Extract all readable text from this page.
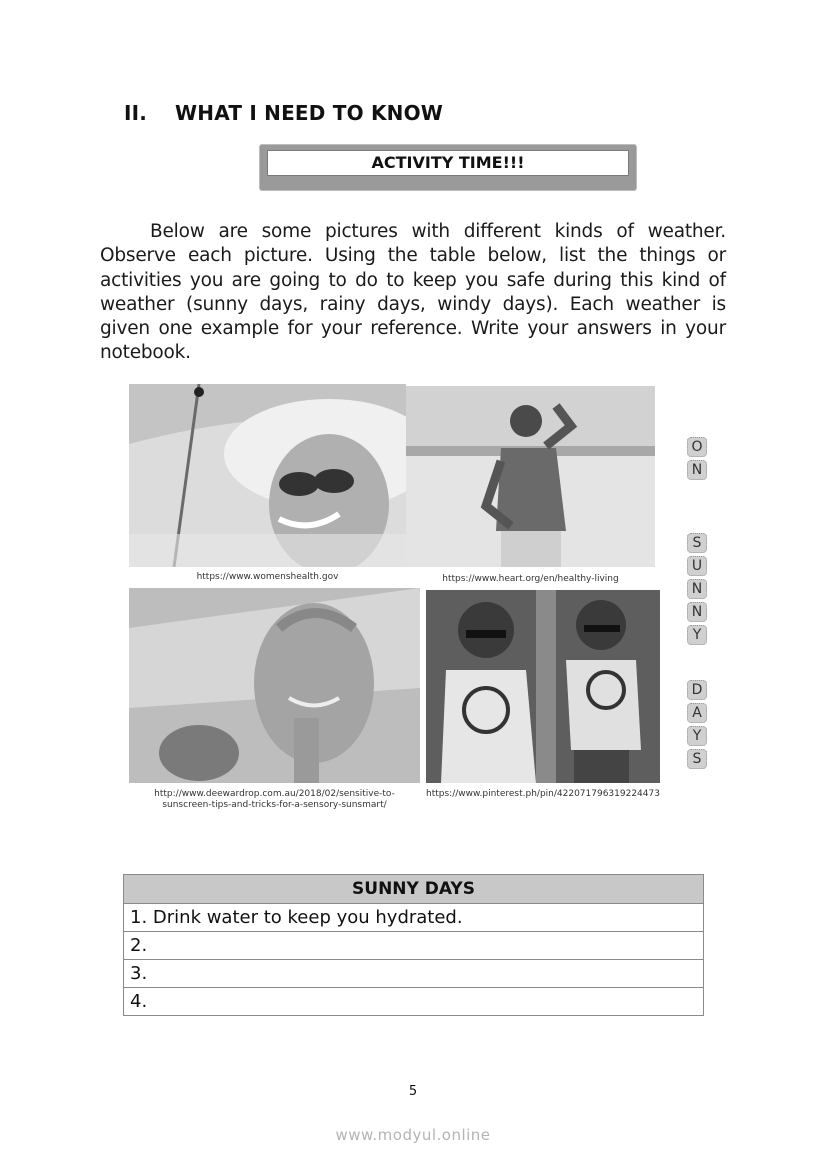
II. WHAT I NEED TO KNOW
ACTIVITY TIME!!!
Below are some pictures with different kinds of weather. Observe each picture. Using the table below, list the things or activities you are going to do to keep you safe during this kind of weather (sunny days, rainy days, windy days). Each weather is given one example for your reference. Write your answers in your notebook.
https://www.womenshealth.gov	https://www.heart.org/en/healthy-living
http://www.deewardrop.com.au/2018/02/sensitive-to-
sunscreen-tips-and-tricks-for-a-sensory-sunsmart/
https://www.pinterest.ph/pin/422071796319224473
O
N
S
U
N
N
Y
D
A
Y
S
SUNNY DAYS
1. Drink water to keep you hydrated.
2.
3.
4.
5
www.modyul.online
